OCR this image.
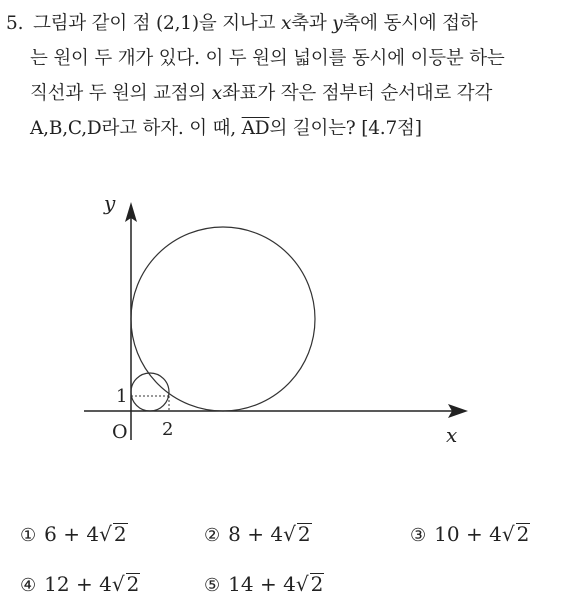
5. 그림과 같이 점 (2,1)을 지나고 x축과 y축에 동시에 접하
는 원이 두 개가 있다. 이 두 원의 넓이를 동시에 이등분 하는
직선과 두 원의 교점의 x좌표가 작은 점부터 순서대로 각각
A,B,C,D라고 하자. 이 때, $\overline{AD}$의 길이는? [4.7점]
y
x
O
1
2
① 6 + 4√ 2	② 8 + 4√ 2	③ 10 + 4√ 2
④ 12 + 4√ 2	⑤ 14 + 4√ 2
